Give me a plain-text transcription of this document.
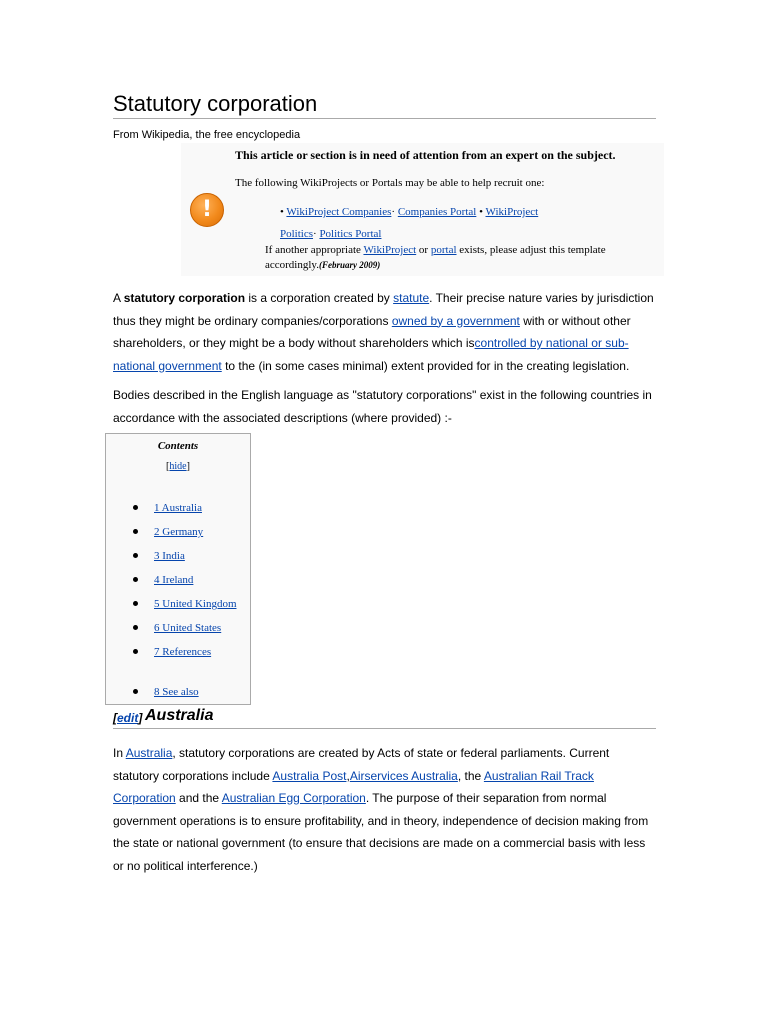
Statutory corporation
From Wikipedia, the free encyclopedia
!
This article or section is in need of attention from an expert on the subject.
The following WikiProjects or Portals may be able to help recruit one:
• WikiProject Companies· Companies Portal • WikiProject
Politics· Politics Portal
If another appropriate WikiProject or portal exists, please adjust this template accordingly.(February 2009)

A statutory corporation is a corporation created by statute. Their precise nature varies by jurisdiction thus they might be ordinary companies/corporations owned by a government with or without other shareholders, or they might be a body without shareholders which iscontrolled by national or sub-national government to the (in some cases minimal) extent provided for in the creating legislation.

Bodies described in the English language as "statutory corporations" exist in the following countries in accordance with the associated descriptions (where provided) :-

Contents
[hide]
1 Australia
2 Germany
3 India
4 Ireland
5 United Kingdom
6 United States
7 References
8 See also
[edit] Australia

In Australia, statutory corporations are created by Acts of state or federal parliaments. Current statutory corporations include Australia Post,Airservices Australia, the Australian Rail Track Corporation and the Australian Egg Corporation. The purpose of their separation from normal government operations is to ensure profitability, and in theory, independence of decision making from the state or national government (to ensure that decisions are made on a commercial basis with less or no political interference.)
